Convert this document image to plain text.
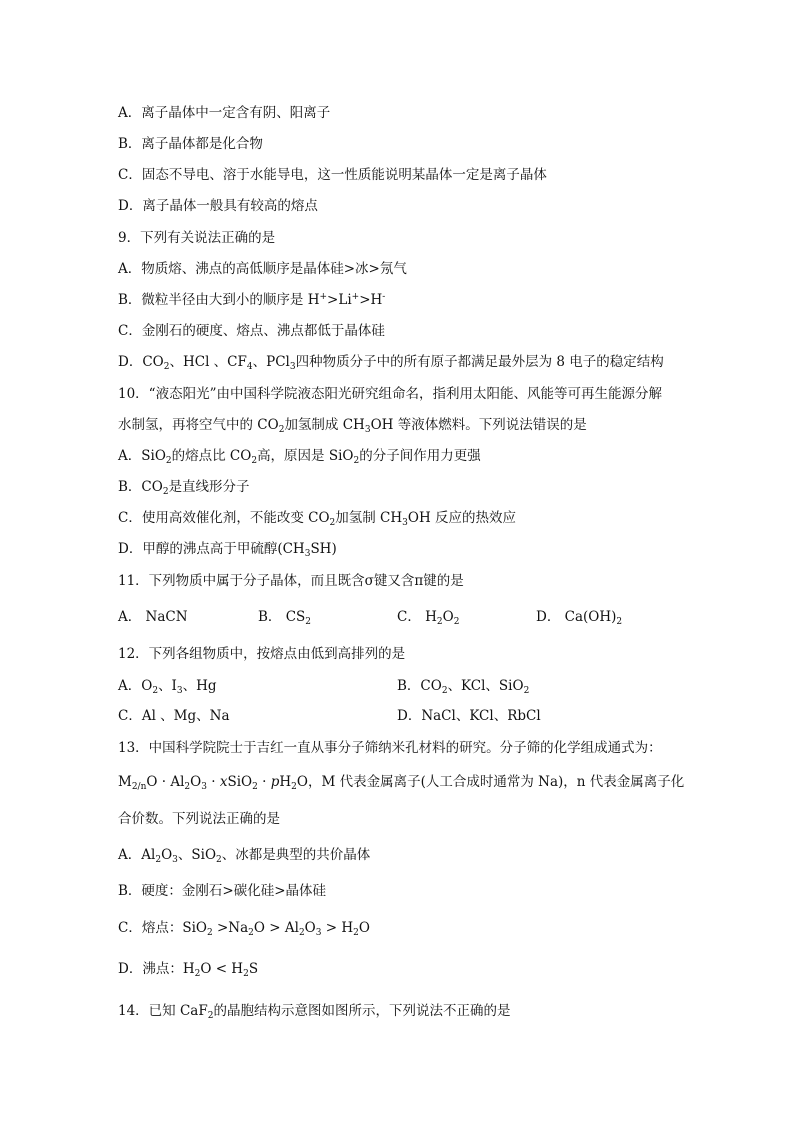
A．离子晶体中一定含有阴、阳离子
B．离子晶体都是化合物
C．固态不导电、溶于水能导电，这一性质能说明某晶体一定是离子晶体
D．离子晶体一般具有较高的熔点
9．下列有关说法正确的是
A．物质熔、沸点的高低顺序是晶体硅>冰>氖气
B．微粒半径由大到小的顺序是 H+>Li+>H-
C．金刚石的硬度、熔点、沸点都低于晶体硅
D．$CO_2$、HCl 、$CF_4$、PCl$_3$四种物质分子中的所有原子都满足最外层为 8 电子的稳定结构
10．“液态阳光”由中国科学院液态阳光研究组命名，指利用太阳能、风能等可再生能源分解
水制氢，再将空气中的 $CO_2$加氢制成 $CH_3OH$ 等液体燃料。下列说法错误的是
A．SiO$_2$的熔点比 $CO_2$高，原因是 SiO$_2$的分子间作用力更强
B．$CO_2$是直线形分子
C．使用高效催化剂，不能改变 $CO_2$加氢制 $CH_3OH$ 反应的热效应
D．甲醇的沸点高于甲硫醇$(CH_3SH)$
11．下列物质中属于分子晶体，而且既含σ键又含π键的是
A． NaCN	B． $CS_2$	C． $H_2O_2$	D． $Ca(OH)_2$
12．下列各组物质中，按熔点由低到高排列的是
A．$O_2$、$I_3$、Hg	B．$CO_2$、KCl、SiO$_2$
C．Al 、Mg、Na	D．NaCl、KCl、RbCl
13．中国科学院院士于吉红一直从事分子筛纳米孔材料的研究。分子筛的化学组成通式为：
$M_{2/n}O \cdot Al_2O_3$ · xSiO$_2$ · $pH_2O$，M 代表金属离子(人工合成时通常为 Na)，n 代表金属离子化
合价数。下列说法正确的是
A．$Al_2O_3$、SiO$_2$、冰都是典型的共价晶体
B．硬度：金刚石>碳化硅>晶体硅
C．熔点：$SiO_2 >Na_2O > Al_2O_3 > H_2O$
D．沸点：$H_2O < H_2S$
14．已知 CaF$_2$的晶胞结构示意图如图所示，下列说法不正确的是
